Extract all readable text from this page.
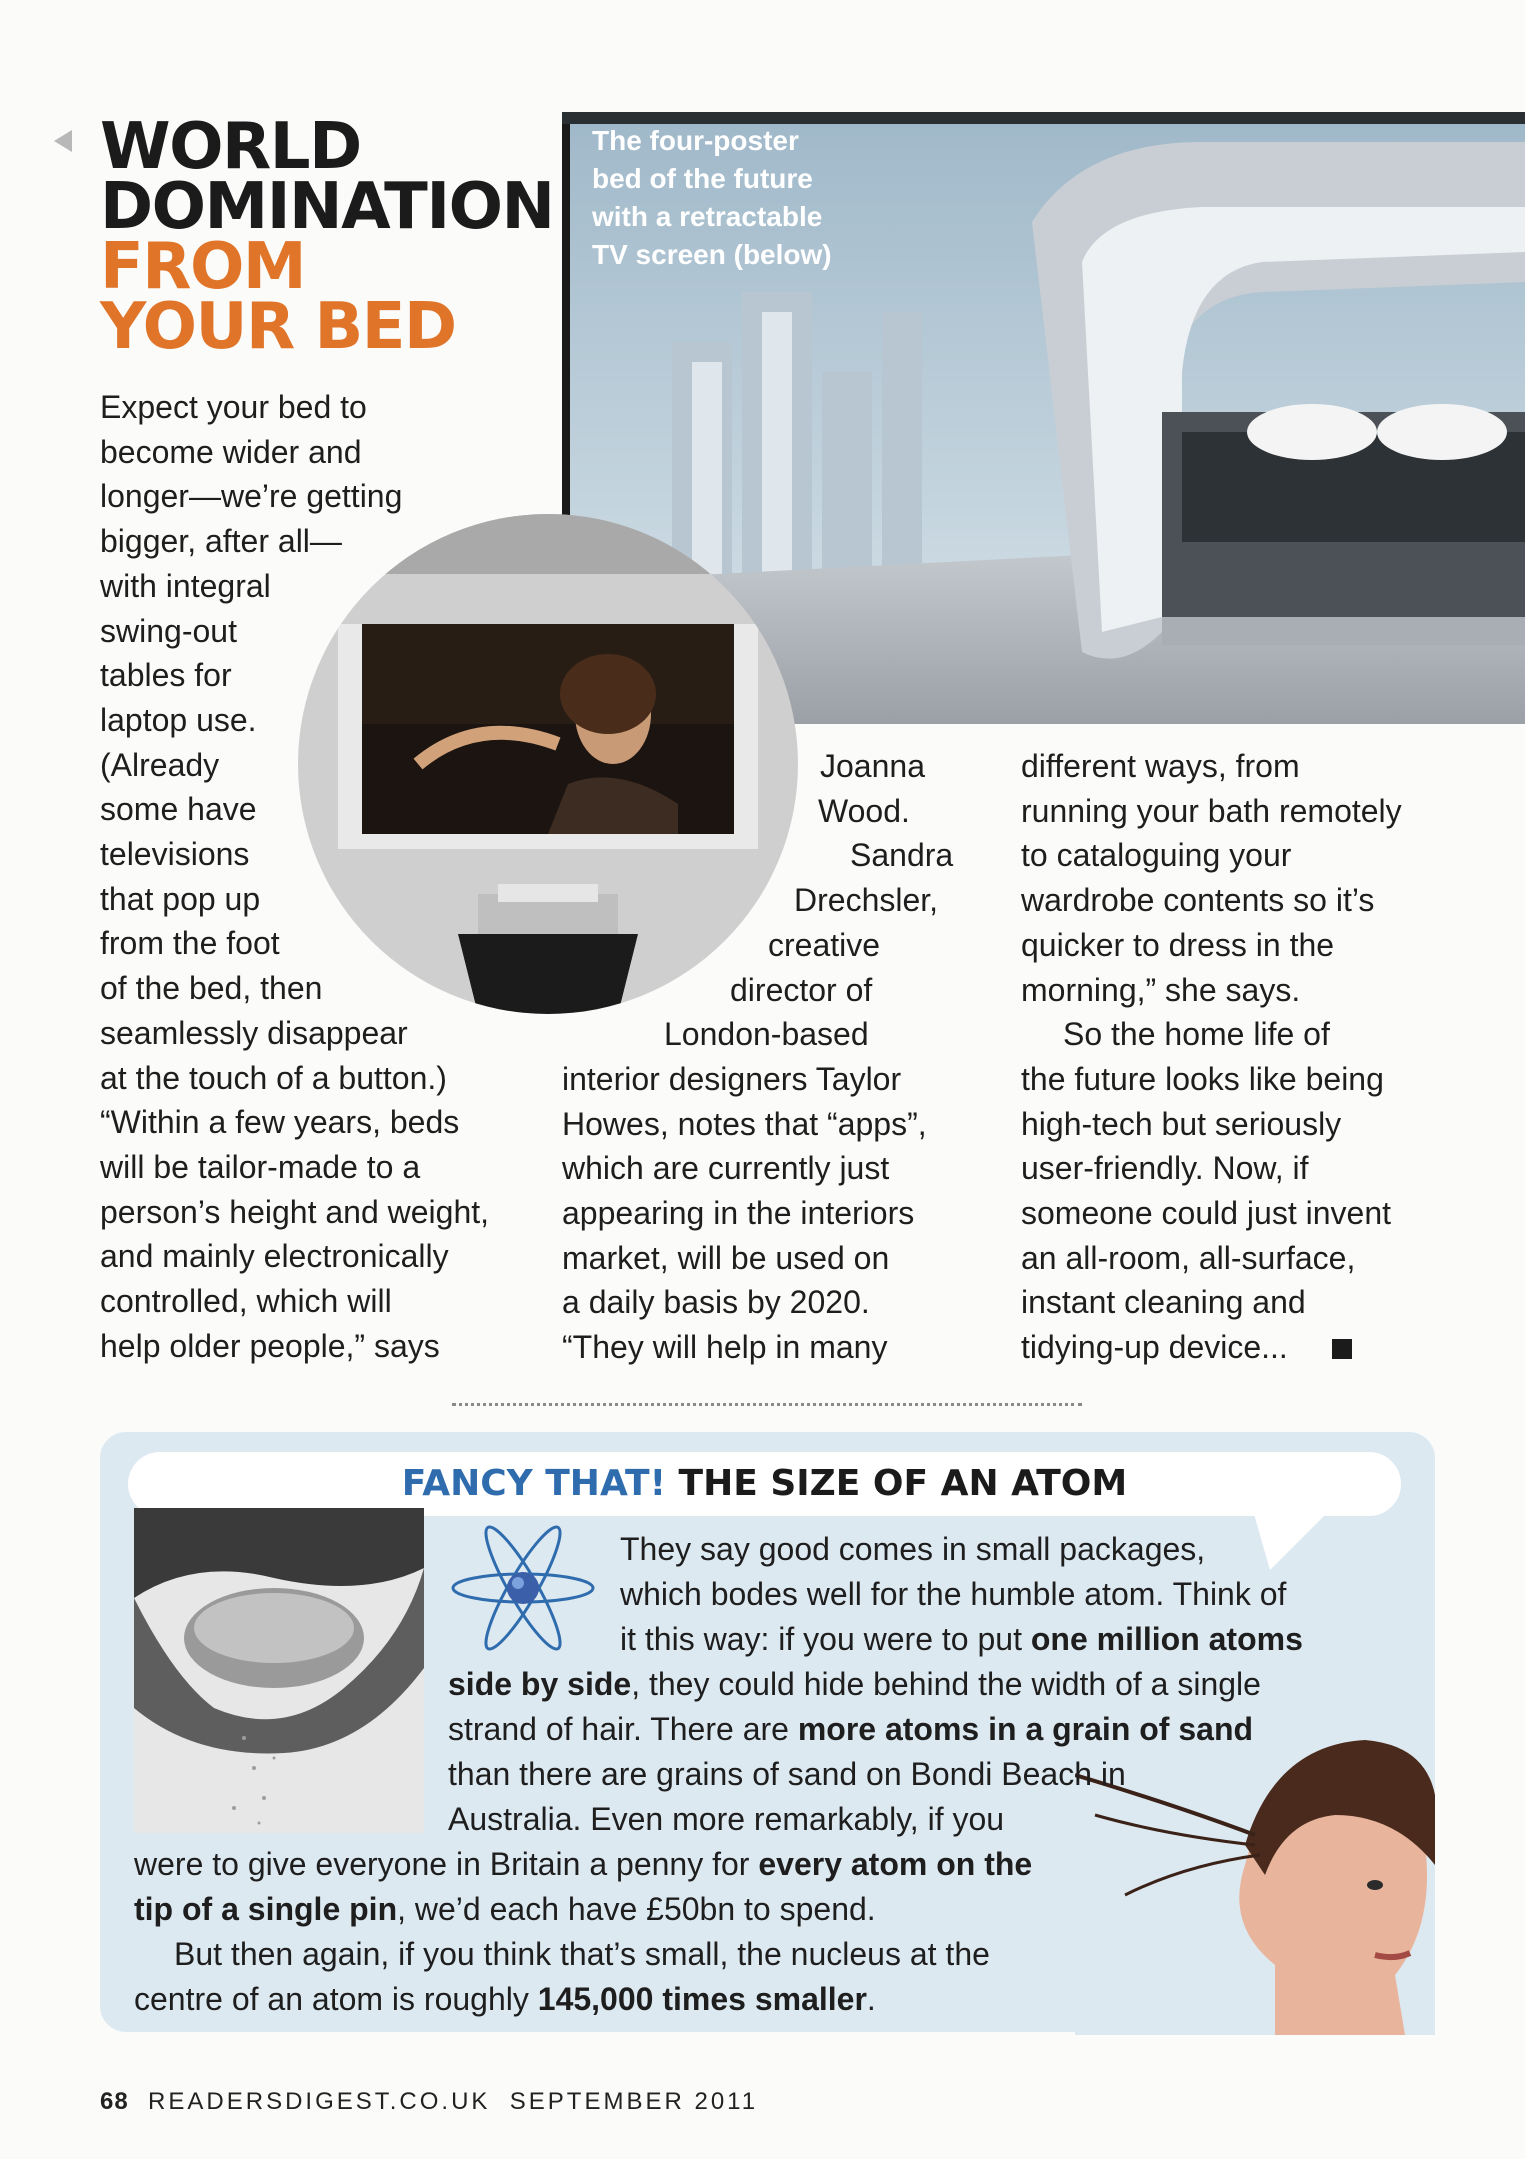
WORLD
DOMINATION
FROM
YOUR BED
The four-poster
bed of the future
with a retractable
TV screen (below)
Expect your bed to
become wider and
longer—we’re getting
bigger, after all—
with integral
swing-out
tables for
laptop use.
(Already
some have
televisions
that pop up
from the foot
of the bed, then
seamlessly disappear
at the touch of a button.)
“Within a few years, beds
will be tailor-made to a
person’s height and weight,
and mainly electronically
controlled, which will
help older people,” says
Joanna
Wood.
Sandra
Drechsler,
creative
director of
London-based
interior designers Taylor
Howes, notes that “apps”,
which are currently just
appearing in the interiors
market, will be used on
a daily basis by 2020.
“They will help in many
different ways, from
running your bath remotely
to cataloguing your
wardrobe contents so it’s
quicker to dress in the
morning,” she says.
So the home life of
the future looks like being
high-tech but seriously
user-friendly. Now, if
someone could just invent
an all-room, all-surface,
instant cleaning and
tidying-up device...
FANCY THAT! THE SIZE OF AN ATOM
They say good comes in small packages,
which bodes well for the humble atom. Think of
it this way: if you were to put one million atoms
side by side, they could hide behind the width of a single
strand of hair. There are more atoms in a grain of sand
than there are grains of sand on Bondi Beach in
Australia. Even more remarkably, if you
were to give everyone in Britain a penny for every atom on the
tip of a single pin, we’d each have £50bn to spend.
But then again, if you think that’s small, the nucleus at the
centre of an atom is roughly 145,000 times smaller.
68 READERSDIGEST.CO.UK SEPTEMBER 2011
